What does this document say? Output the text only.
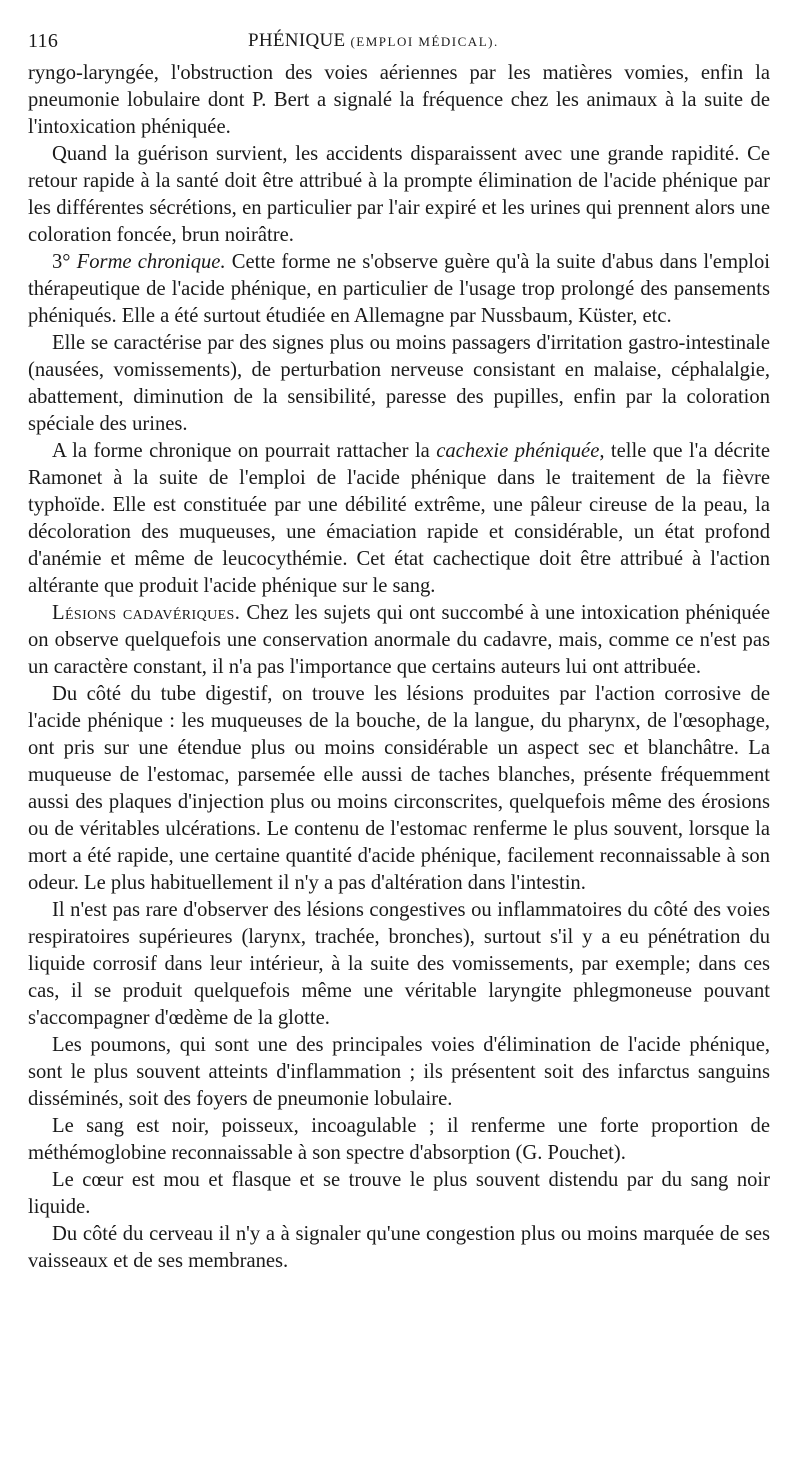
116	PHÉNIQUE (EMPLOI MÉDICAL).

ryngo-laryngée, l'obstruction des voies aériennes par les matières vomies, enfin la pneumonie lobulaire dont P. Bert a signalé la fréquence chez les animaux à la suite de l'intoxication phéniquée.

Quand la guérison survient, les accidents disparaissent avec une grande rapidité. Ce retour rapide à la santé doit être attribué à la prompte élimination de l'acide phénique par les différentes sécrétions, en particulier par l'air expiré et les urines qui prennent alors une coloration foncée, brun noirâtre.

3° Forme chronique. Cette forme ne s'observe guère qu'à la suite d'abus dans l'emploi thérapeutique de l'acide phénique, en particulier de l'usage trop prolongé des pansements phéniqués. Elle a été surtout étudiée en Allemagne par Nussbaum, Küster, etc.

Elle se caractérise par des signes plus ou moins passagers d'irritation gastro-intestinale (nausées, vomissements), de perturbation nerveuse consistant en malaise, céphalalgie, abattement, diminution de la sensibilité, paresse des pupilles, enfin par la coloration spéciale des urines.

A la forme chronique on pourrait rattacher la cachexie phéniquée, telle que l'a décrite Ramonet à la suite de l'emploi de l'acide phénique dans le traitement de la fièvre typhoïde. Elle est constituée par une débilité extrême, une pâleur cireuse de la peau, la décoloration des muqueuses, une émaciation rapide et considérable, un état profond d'anémie et même de leucocythémie. Cet état cachectique doit être attribué à l'action altérante que produit l'acide phénique sur le sang.

Lésions cadavériques. Chez les sujets qui ont succombé à une intoxication phéniquée on observe quelquefois une conservation anormale du cadavre, mais, comme ce n'est pas un caractère constant, il n'a pas l'importance que certains auteurs lui ont attribuée.

Du côté du tube digestif, on trouve les lésions produites par l'action corrosive de l'acide phénique : les muqueuses de la bouche, de la langue, du pharynx, de l'œsophage, ont pris sur une étendue plus ou moins considérable un aspect sec et blanchâtre. La muqueuse de l'estomac, parsemée elle aussi de taches blanches, présente fréquemment aussi des plaques d'injection plus ou moins circonscrites, quelquefois même des érosions ou de véritables ulcérations. Le contenu de l'estomac renferme le plus souvent, lorsque la mort a été rapide, une certaine quantité d'acide phénique, facilement reconnaissable à son odeur. Le plus habituellement il n'y a pas d'altération dans l'intestin.

Il n'est pas rare d'observer des lésions congestives ou inflammatoires du côté des voies respiratoires supérieures (larynx, trachée, bronches), surtout s'il y a eu pénétration du liquide corrosif dans leur intérieur, à la suite des vomissements, par exemple; dans ces cas, il se produit quelquefois même une véritable laryngite phlegmoneuse pouvant s'accompagner d'œdème de la glotte.

Les poumons, qui sont une des principales voies d'élimination de l'acide phénique, sont le plus souvent atteints d'inflammation ; ils présentent soit des infarctus sanguins disséminés, soit des foyers de pneumonie lobulaire.

Le sang est noir, poisseux, incoagulable ; il renferme une forte proportion de méthémoglobine reconnaissable à son spectre d'absorption (G. Pouchet).

Le cœur est mou et flasque et se trouve le plus souvent distendu par du sang noir liquide.

Du côté du cerveau il n'y a à signaler qu'une congestion plus ou moins marquée de ses vaisseaux et de ses membranes.
